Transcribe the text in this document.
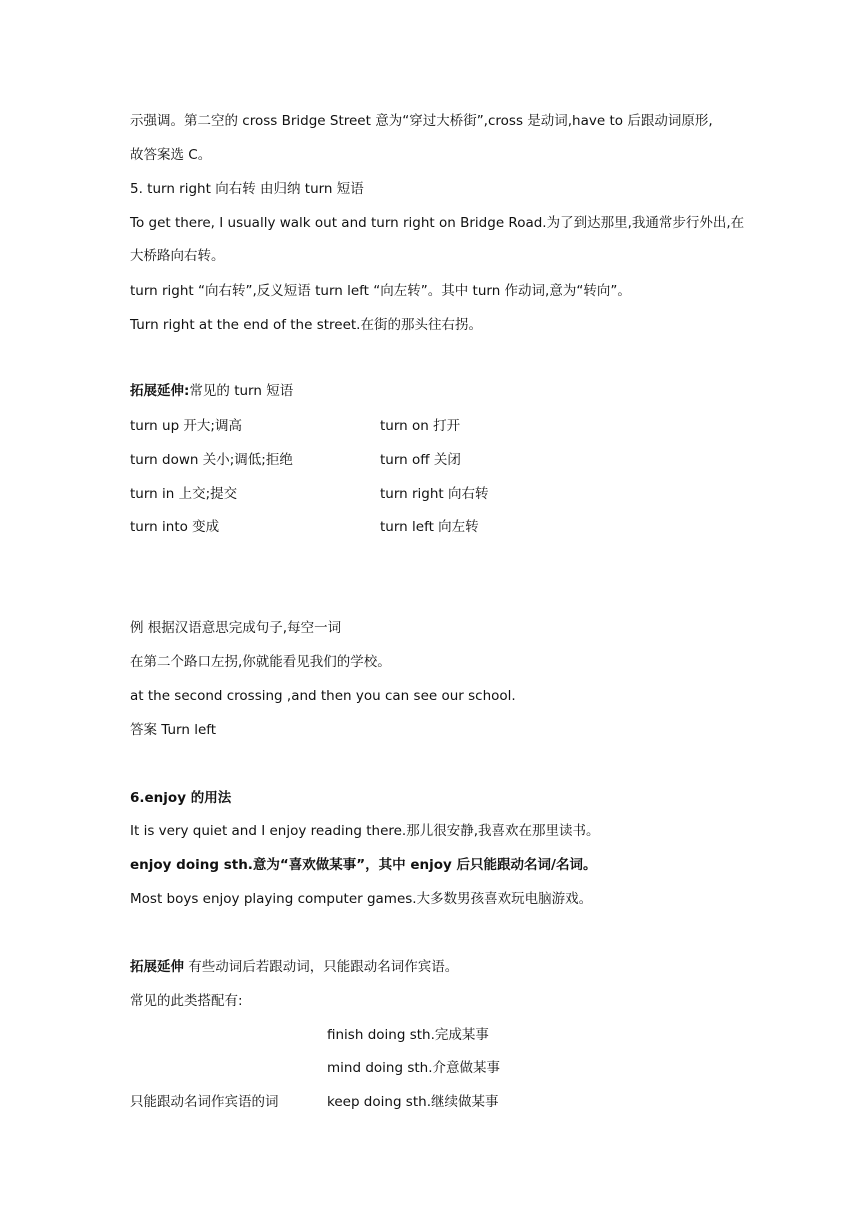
示强调。第二空的 cross Bridge Street 意为“穿过大桥街”,cross 是动词,have to 后跟动词原形,
故答案选 C。
5. turn right 向右转 由归纳 turn 短语
To get there, I usually walk out and turn right on Bridge Road.为了到达那里,我通常步行外出,在
大桥路向右转。
turn right “向右转”,反义短语 turn left “向左转”。其中 turn 作动词,意为“转向”。
Turn right at the end of the street.在街的那头往右拐。
拓展延伸:常见的 turn 短语
turn up 开大;调高	turn on 打开
turn down 关小;调低;拒绝	turn off 关闭
turn in 上交;提交	turn right 向右转
turn into 变成	turn left 向左转
例 根据汉语意思完成句子,每空一词
在第二个路口左拐,你就能看见我们的学校。
at the second crossing ,and then you can see our school.
答案 Turn left
6.enjoy 的用法
It is very quiet and I enjoy reading there.那儿很安静,我喜欢在那里读书。
enjoy doing sth.意为“喜欢做某事”，其中 enjoy 后只能跟动名词/名词。
Most boys enjoy playing computer games.大多数男孩喜欢玩电脑游戏。
拓展延伸 有些动词后若跟动词，只能跟动名词作宾语。
常见的此类搭配有:
finish doing sth.完成某事
mind doing sth.介意做某事
只能跟动名词作宾语的词	keep doing sth.继续做某事
